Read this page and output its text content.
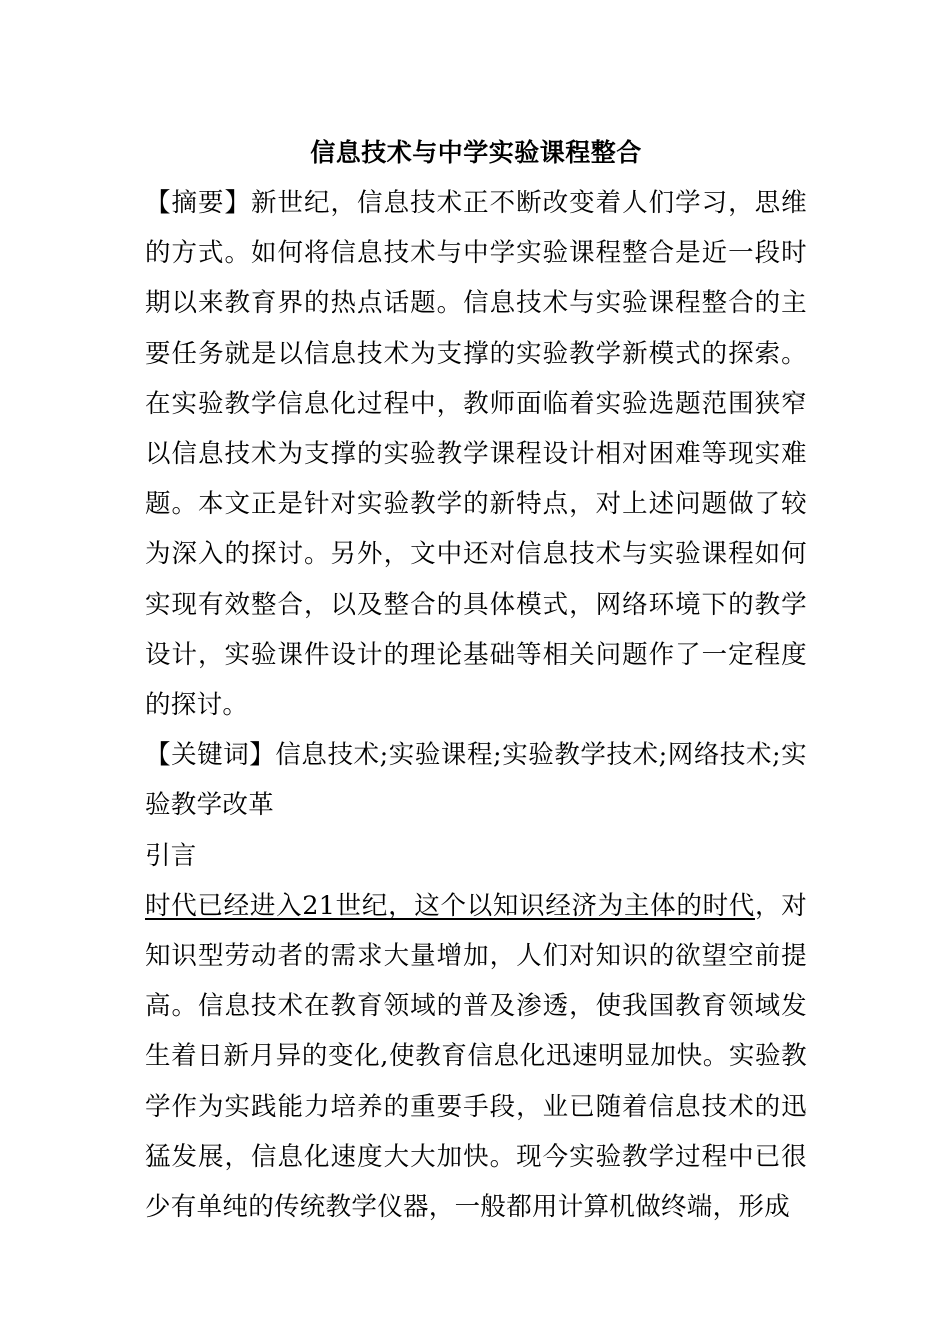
信息技术与中学实验课程整合

【摘要】新世纪，信息技术正不断改变着人们学习，思维的方式。如何将信息技术与中学实验课程整合是近一段时期以来教育界的热点话题。信息技术与实验课程整合的主要任务就是以信息技术为支撑的实验教学新模式的探索。在实验教学信息化过程中，教师面临着实验选题范围狭窄以信息技术为支撑的实验教学课程设计相对困难等现实难题。本文正是针对实验教学的新特点，对上述问题做了较为深入的探讨。另外，文中还对信息技术与实验课程如何实现有效整合，以及整合的具体模式，网络环境下的教学设计，实验课件设计的理论基础等相关问题作了一定程度的探讨。

【关键词】信息技术;实验课程;实验教学技术;网络技术;实验教学改革

引言

时代已经进入21世纪，这个以知识经济为主体的时代，对知识型劳动者的需求大量增加，人们对知识的欲望空前提高。信息技术在教育领域的普及渗透，使我国教育领域发生着日新月异的变化,使教育信息化迅速明显加快。实验教学作为实践能力培养的重要手段，业已随着信息技术的迅猛发展，信息化速度大大加快。现今实验教学过程中已很少有单纯的传统教学仪器，一般都用计算机做终端，形成
